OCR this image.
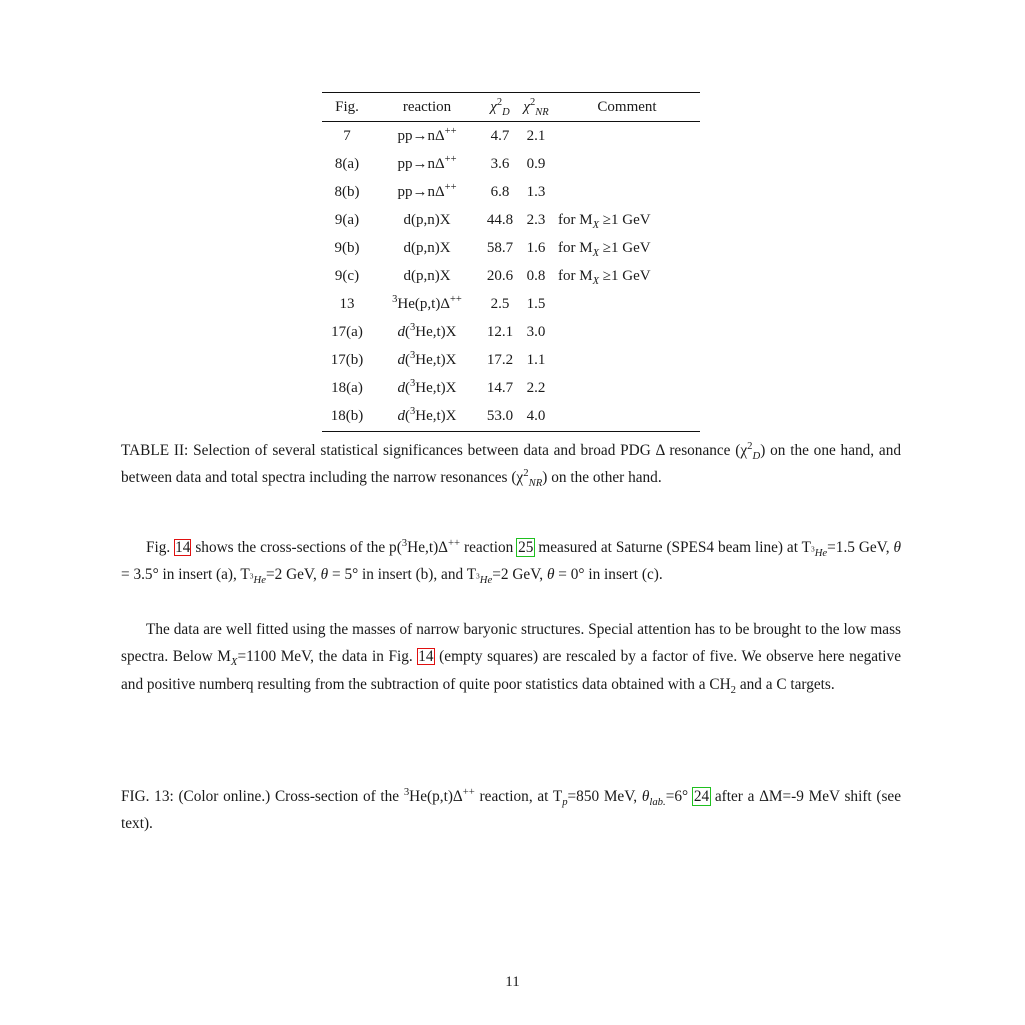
Fig.	reaction	$\chi^2_D$	$\chi^2_{NR}$	Comment
7	pp→nΔ++	4.7	2.1	
8(a)	pp→nΔ++	3.6	0.9	
8(b)	pp→nΔ++	6.8	1.3	
9(a)	d(p,n)X	44.8	2.3	for $M_X \ge 1$ GeV
9(b)	d(p,n)X	58.7	1.6	for $M_X \ge 1$ GeV
9(c)	d(p,n)X	20.6	0.8	for $M_X \ge 1$ GeV
13	$^3$He(p,t)Δ++	2.5	1.5	
17(a)	d($^3$He,t)X	12.1	3.0	
17(b)	d($^3$He,t)X	17.2	1.1	
18(a)	d($^3$He,t)X	14.7	2.2	
18(b)	d($^3$He,t)X	53.0	4.0	
TABLE II: Selection of several statistical significances between data and broad PDG Δ resonance $(\chi^2_D)$ on the one hand, and between data and total spectra including the narrow resonances $(\chi^2_{NR})$ on the other hand.
Fig. 14 shows the cross-sections of the p($^3$He,t)Δ++ reaction 25 measured at Saturne (SPES4 beam line) at $T_{^3He}=1.5$ GeV, θ = 3.5° in insert (a), $T_{^3He}=2$ GeV, θ = 5° in insert (b), and $T_{^3He}=2$ GeV, θ = 0° in insert (c).
The data are well fitted using the masses of narrow baryonic structures. Special attention has to be brought to the low mass spectra. Below $M_X=1100$ MeV, the data in Fig. 14 (empty squares) are rescaled by a factor of five. We observe here negative and positive numberq resulting from the subtraction of quite poor statistics data obtained with a $CH_2$ and a C targets.
FIG. 13: (Color online.) Cross-section of the $^3$He(p,t)Δ++ reaction, at $T_p=850$ MeV, $\theta_{lab.}=6^\circ$ 24 after a ΔM=-9 MeV shift (see text).
11
